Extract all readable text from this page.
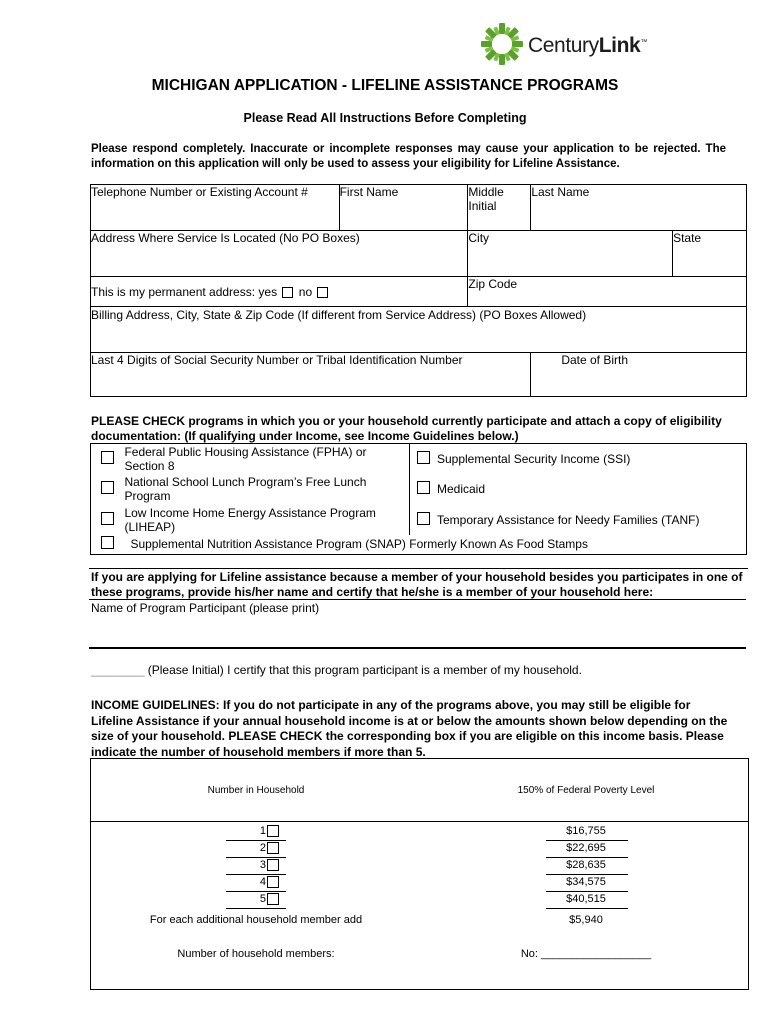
CenturyLink™
MICHIGAN APPLICATION - LIFELINE ASSISTANCE PROGRAMS
Please Read All Instructions Before Completing
Please respond completely. Inaccurate or incomplete responses may cause your application to be rejected. The information on this application will only be used to assess your eligibility for Lifeline Assistance.
Telephone Number or Existing Account #	First Name	Middle
Initial	Last Name	
Address Where Service Is Located (No PO Boxes)		City		State
This is my permanent address: yes no		Zip Code		
Billing Address, City, State & Zip Code (If different from Service Address) (PO Boxes Allowed)				
Last 4 Digits of Social Security Number or Tribal Identification Number			Date of Birth	
PLEASE CHECK programs in which you or your household currently participate and attach a copy of eligibility documentation: (If qualifying under Income, see Income Guidelines below.)
	Federal Public Housing Assistance (FPHA) or Section 8		Supplemental Security Income (SSI)
	National School Lunch Program’s Free Lunch Program		Medicaid
	Low Income Home Energy Assistance Program (LIHEAP)		Temporary Assistance for Needy Families (TANF)
	Supplemental Nutrition Assistance Program (SNAP) Formerly Known As Food Stamps		
If you are applying for Lifeline assistance because a member of your household besides you participates in one of these programs, provide his/her name and certify that he/she is a member of your household here:
Name of Program Participant (please print)
________ (Please Initial) I certify that this program participant is a member of my household.
INCOME GUIDELINES: If you do not participate in any of the programs above, you may still be eligible for Lifeline Assistance if your annual household income is at or below the amounts shown below depending on the size of your household. PLEASE CHECK the corresponding box if you are eligible on this income basis. Please indicate the number of household members if more than 5.
Number in Household	150% of Federal Poverty Level
1	$16,755
2	$22,695
3	$28,635
4	$34,575
5	$40,515
For each additional household member add	$5,940
Number of household members:	No: __________________
